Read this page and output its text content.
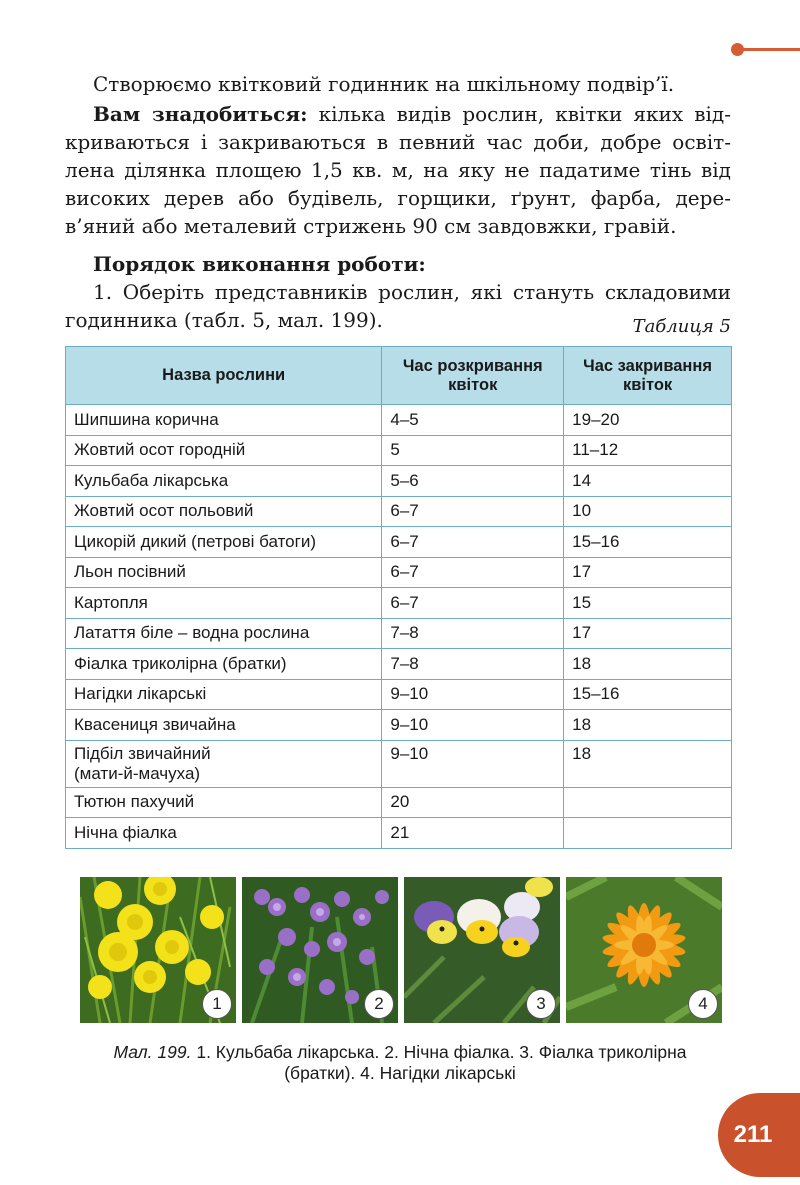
Створюємо квітковий годинник на шкільному подвір’ї.

Вам знадобиться: кілька видів рослин, квітки яких від-

криваються і закриваються в певний час доби, добре освіт-

лена ділянка площею 1,5 кв. м, на яку не падатиме тінь від

високих дерев або будівель, горщики, ґрунт, фарба, дере-

в’яний або металевий стрижень 90 см завдовжки, гравій.

Порядок виконання роботи:

1. Оберіть представників рослин, які стануть складовими

годинника (табл. 5, мал. 199).	Таблиця 5
Назва рослини	Час розкривання квіток	Час закривання квіток
Шипшина корична	4–5	19–20
Жовтий осот городній	5	11–12
Кульбаба лікарська	5–6	14
Жовтий осот польовий	6–7	10
Цикорій дикий (петрові батоги)	6–7	15–16
Льон посівний	6–7	17
Картопля	6–7	15
Латаття біле – водна рослина	7–8	17
Фіалка триколірна (братки)	7–8	18
Нагідки лікарські	9–10	15–16
Квасениця звичайна	9–10	18
Підбіл звичайний
(мати-й-мачуха)	9–10	18
Тютюн пахучий	20	
Нічна фіалка	21	
1	2	3	4
Мал. 199. 1. Кульбаба лікарська. 2. Нічна фіалка. 3. Фіалка триколірна
(братки). 4. Нагідки лікарські
211
